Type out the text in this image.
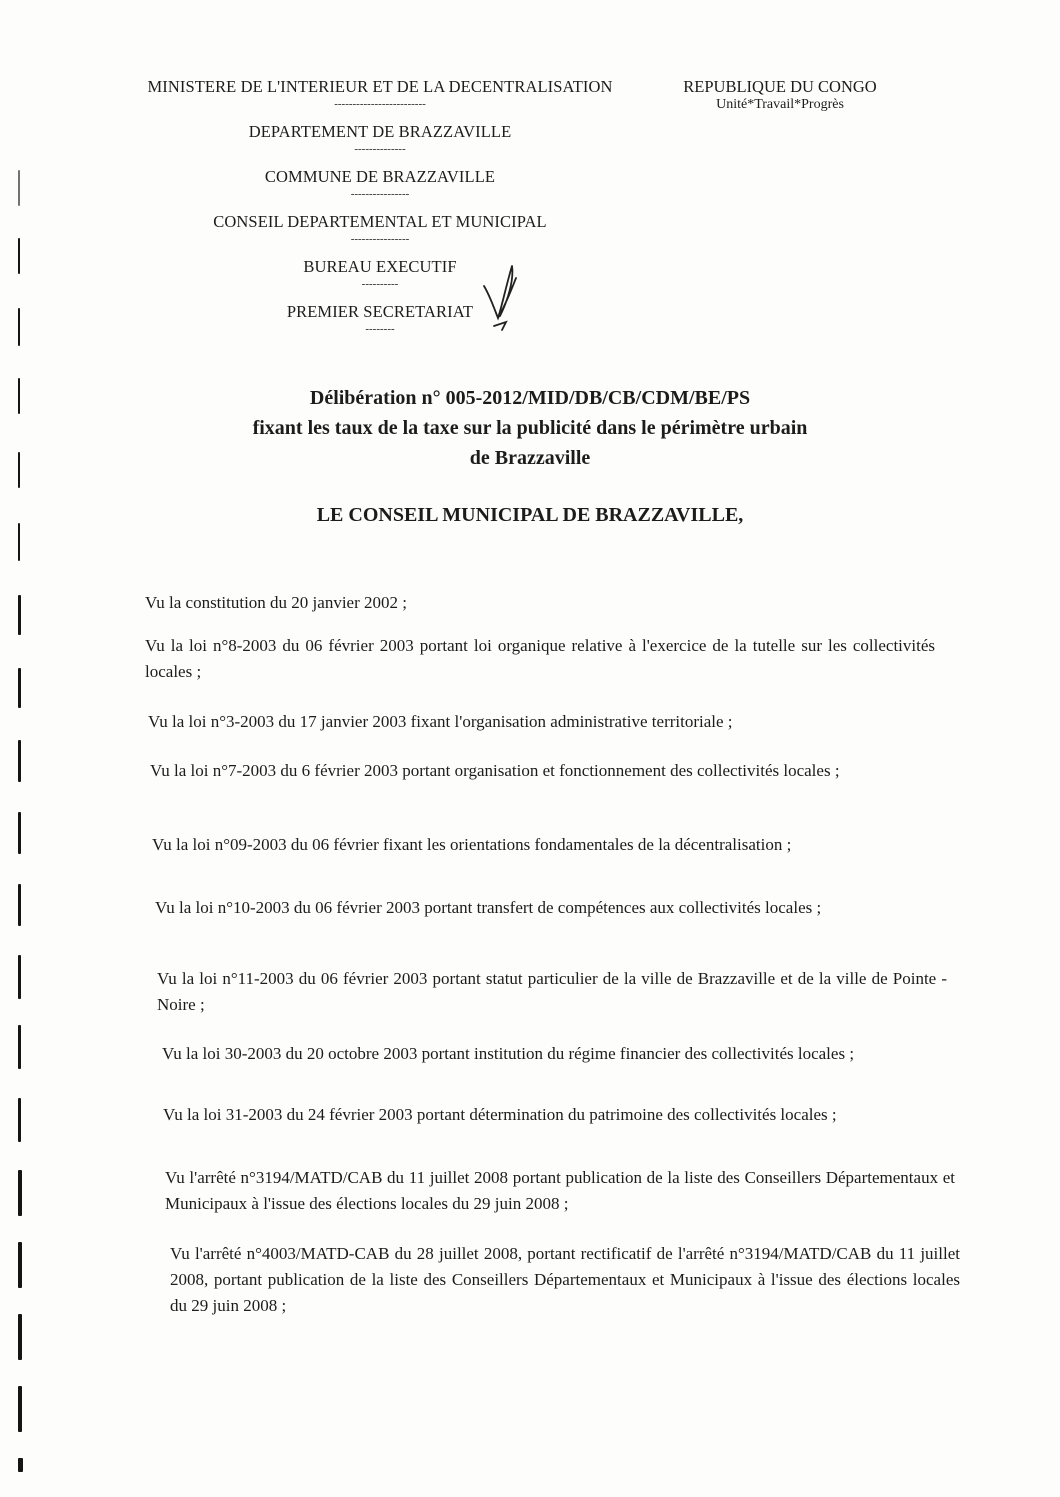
MINISTERE DE L'INTERIEUR ET DE LA DECENTRALISATION
-------------------------
DEPARTEMENT DE BRAZZAVILLE
--------------
COMMUNE DE BRAZZAVILLE
----------------
CONSEIL DEPARTEMENTAL ET MUNICIPAL
----------------
BUREAU EXECUTIF
----------
PREMIER SECRETARIAT
--------
REPUBLIQUE DU CONGO
Unité*Travail*Progrès
Délibération n° 005-2012/MID/DB/CB/CDM/BE/PS
fixant les taux de la taxe sur la publicité dans le périmètre urbain
de Brazzaville
LE CONSEIL MUNICIPAL DE BRAZZAVILLE,
Vu la constitution du 20 janvier 2002 ;
Vu la loi n°8-2003 du 06 février 2003 portant loi organique relative à l'exercice de la tutelle sur les collectivités locales ;
Vu la loi n°3-2003 du 17 janvier 2003 fixant l'organisation administrative territoriale ;
Vu la loi n°7-2003 du 6 février 2003 portant organisation et fonctionnement des collectivités locales ;
Vu la loi n°09-2003 du 06 février fixant les orientations fondamentales de la décentralisation ;
Vu la loi n°10-2003 du 06 février 2003 portant transfert de compétences aux collectivités locales ;
Vu la loi n°11-2003 du 06 février 2003 portant statut particulier de la ville de Brazzaville et de la ville de Pointe -Noire ;
Vu la loi 30-2003 du 20 octobre 2003 portant institution du régime financier des collectivités locales ;
Vu la loi 31-2003 du 24 février 2003 portant détermination du patrimoine des collectivités locales ;
Vu l'arrêté n°3194/MATD/CAB du 11 juillet 2008 portant publication de la liste des Conseillers Départementaux et Municipaux à l'issue des élections locales du 29 juin 2008 ;
Vu l'arrêté n°4003/MATD-CAB du 28 juillet 2008, portant rectificatif de l'arrêté n°3194/MATD/CAB du 11 juillet 2008, portant publication de la liste des Conseillers Départementaux et Municipaux à l'issue des élections locales du 29 juin 2008 ;
